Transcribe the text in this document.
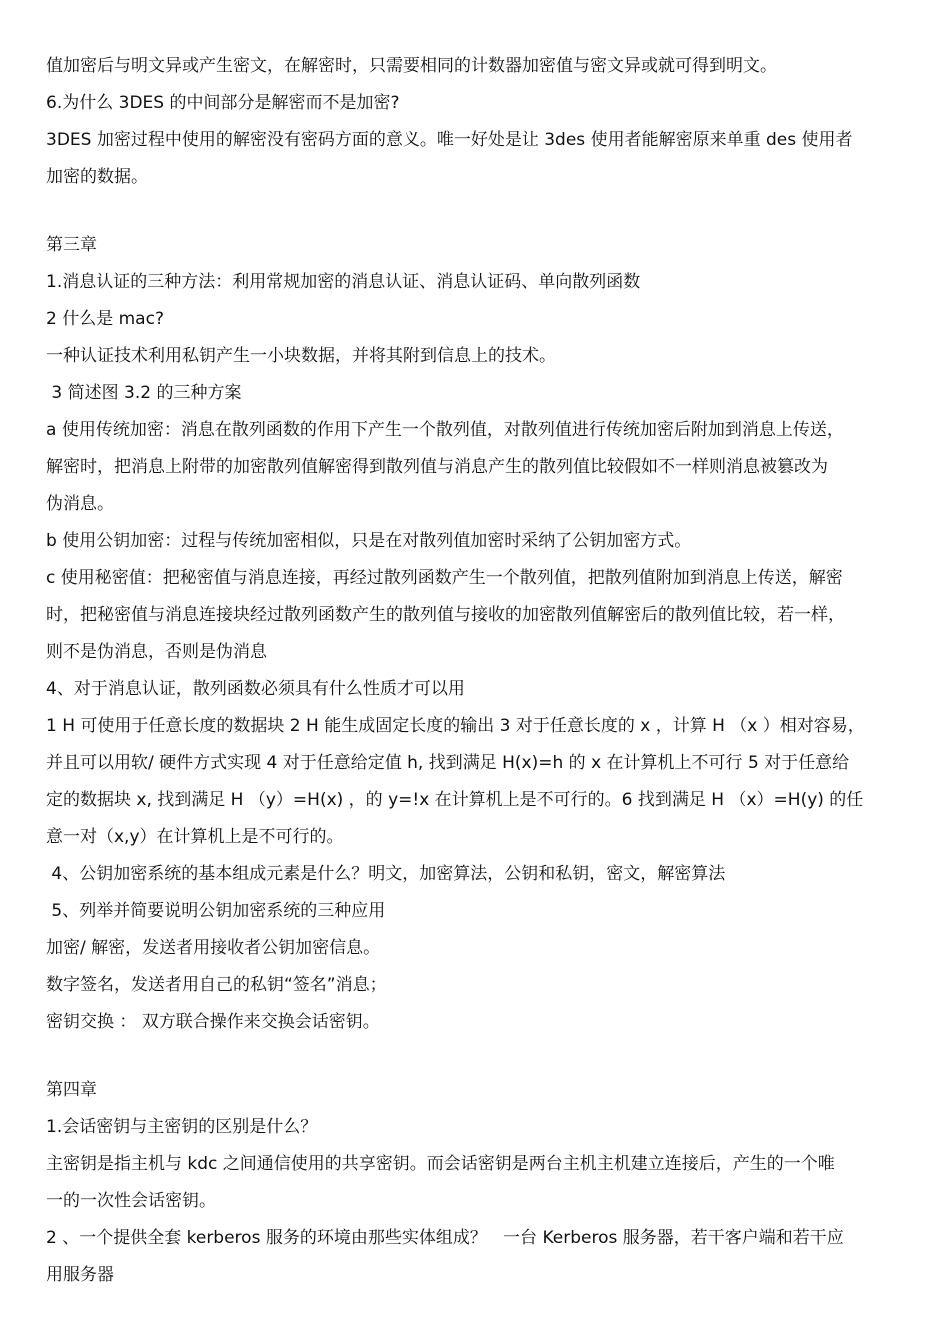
值加密后与明文异或产生密文，在解密时，只需要相同的计数器加密值与密文异或就可得到明文。
6.为什么 3DES 的中间部分是解密而不是加密?
3DES 加密过程中使用的解密没有密码方面的意义。唯一好处是让 3des 使用者能解密原来单重 des 使用者
加密的数据。
第三章
1.消息认证的三种方法：利用常规加密的消息认证、消息认证码、单向散列函数
2 什么是 mac?
一种认证技术利用私钥产生一小块数据，并将其附到信息上的技术。
3 简述图 3.2 的三种方案
a 使用传统加密：消息在散列函数的作用下产生一个散列值，对散列值进行传统加密后附加到消息上传送，
解密时，把消息上附带的加密散列值解密得到散列值与消息产生的散列值比较假如不一样则消息被篡改为
伪消息。
b 使用公钥加密：过程与传统加密相似，只是在对散列值加密时采纳了公钥加密方式。
c 使用秘密值：把秘密值与消息连接，再经过散列函数产生一个散列值，把散列值附加到消息上传送，解密
时，把秘密值与消息连接块经过散列函数产生的散列值与接收的加密散列值解密后的散列值比较，若一样，
则不是伪消息，否则是伪消息
4、对于消息认证，散列函数必须具有什么性质才可以用
1 H 可使用于任意长度的数据块 2 H 能生成固定长度的输出 3 对于任意长度的 x ，计算 H （x ）相对容易，
并且可以用软/ 硬件方式实现 4 对于任意给定值 h, 找到满足 H(x)=h 的 x 在计算机上不可行 5 对于任意给
定的数据块 x, 找到满足 H （y）=H(x) ，的 y=!x 在计算机上是不可行的。6 找到满足 H （x）=H(y) 的任
意一对（x,y）在计算机上是不可行的。
4、公钥加密系统的基本组成元素是什么？明文，加密算法，公钥和私钥，密文，解密算法
5、列举并简要说明公钥加密系统的三种应用
加密/ 解密，发送者用接收者公钥加密信息。
数字签名，发送者用自己的私钥“签名”消息；
密钥交换 ： 双方联合操作来交换会话密钥。
第四章
1.会话密钥与主密钥的区别是什么？
主密钥是指主机与 kdc 之间通信使用的共享密钥。而会话密钥是两台主机主机建立连接后，产生的一个唯
一的一次性会话密钥。
2 、一个提供全套 kerberos 服务的环境由那些实体组成？   一台 Kerberos 服务器，若干客户端和若干应
用服务器
